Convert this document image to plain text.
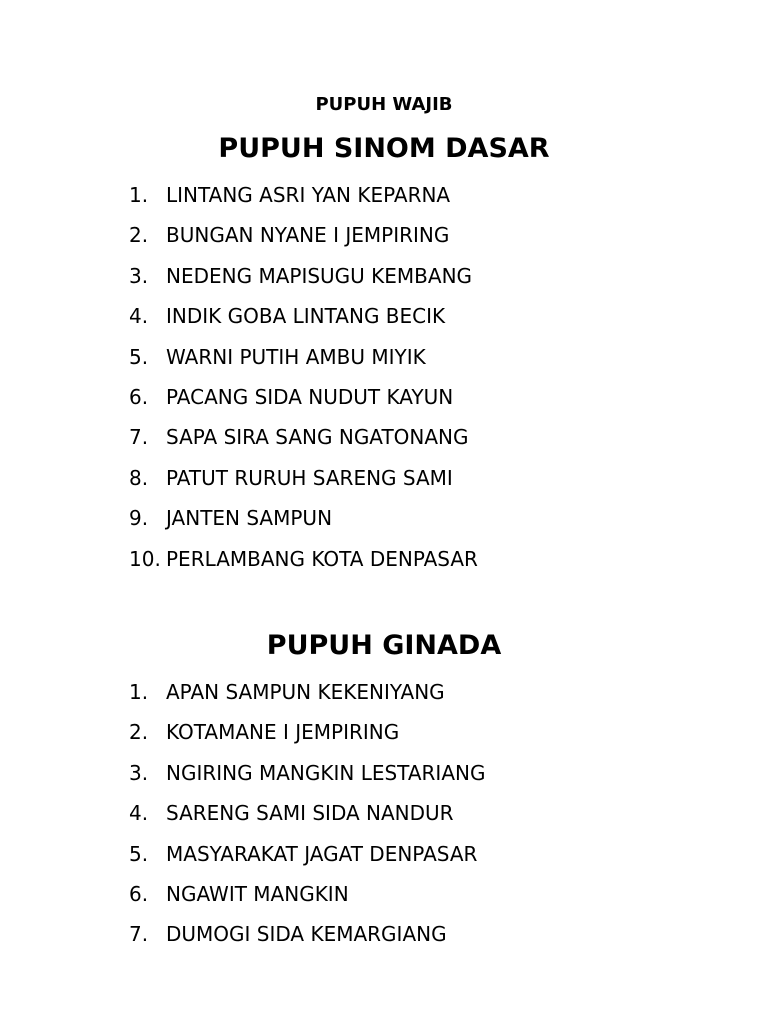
PUPUH WAJIB
PUPUH SINOM DASAR
1. LINTANG ASRI YAN KEPARNA
2. BUNGAN NYANE I JEMPIRING
3. NEDENG MAPISUGU KEMBANG
4. INDIK GOBA LINTANG BECIK
5. WARNI PUTIH AMBU MIYIK
6. PACANG SIDA NUDUT KAYUN
7. SAPA SIRA SANG NGATONANG
8. PATUT RURUH SARENG SAMI
9. JANTEN SAMPUN
10. PERLAMBANG KOTA DENPASAR
PUPUH GINADA
1. APAN SAMPUN KEKENIYANG
2. KOTAMANE I JEMPIRING
3. NGIRING MANGKIN LESTARIANG
4. SARENG SAMI SIDA NANDUR
5. MASYARAKAT JAGAT DENPASAR
6. NGAWIT MANGKIN
7. DUMOGI SIDA KEMARGIANG
